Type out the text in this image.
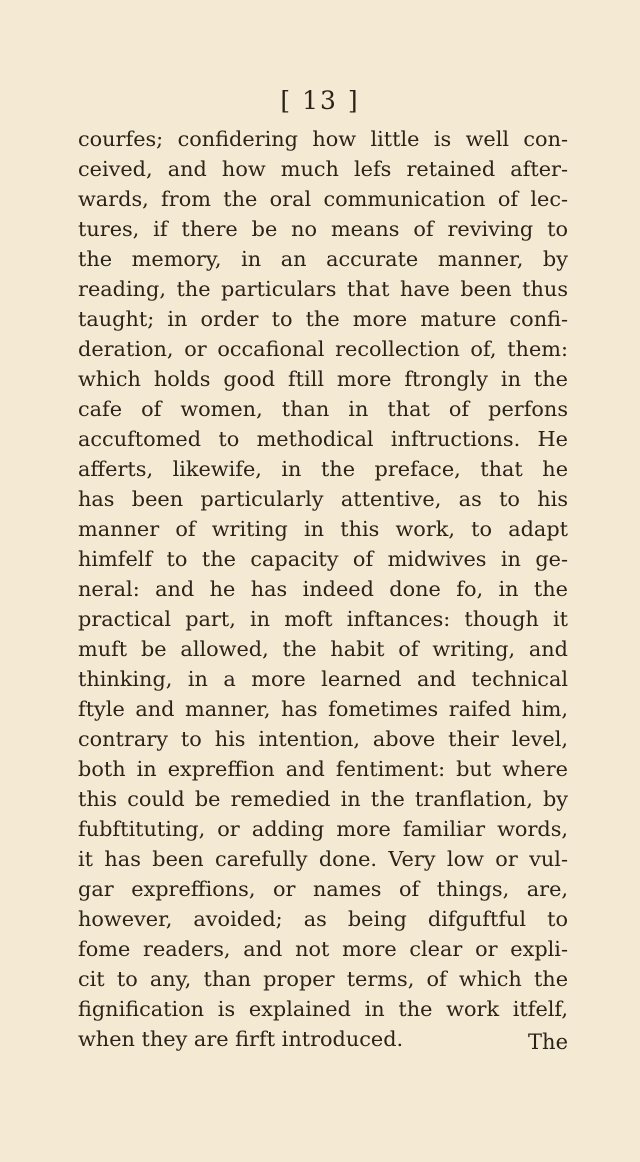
[ 13 ]
courfes; confidering how little is well con-
ceived, and how much lefs retained after-
wards, from the oral communication of lec-
tures, if there be no means of reviving to
the memory, in an accurate manner, by
reading, the particulars that have been thus
taught; in order to the more mature confi-
deration, or occafional recollection of, them:
which holds good ftill more ftrongly in the
cafe of women, than in that of perfons
accuftomed to methodical inftructions. He
afferts, likewife, in the preface, that he
has been particularly attentive, as to his
manner of writing in this work, to adapt
himfelf to the capacity of midwives in ge-
neral: and he has indeed done fo, in the
practical part, in moft inftances: though it
muft be allowed, the habit of writing, and
thinking, in a more learned and technical
ftyle and manner, has fometimes raifed him,
contrary to his intention, above their level,
both in expreffion and fentiment: but where
this could be remedied in the tranflation, by
fubftituting, or adding more familiar words,
it has been carefully done. Very low or vul-
gar expreffions, or names of things, are,
however, avoided; as being difguftful to
fome readers, and not more clear or expli-
cit to any, than proper terms, of which the
fignification is explained in the work itfelf,
when they are firft introduced.	The
